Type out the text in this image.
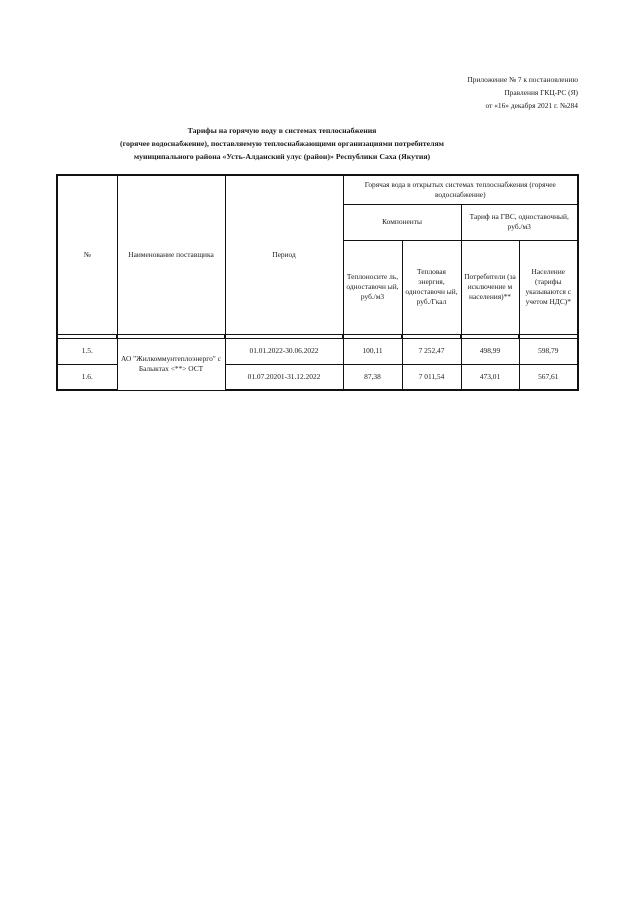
Приложение № 7 к постановлению
Правления ГКЦ-РС (Я)
от «16» декабря 2021 г. №284
Тарифы на горячую воду в системах теплоснабжения
(горячее водоснабжение), поставляемую теплоснабжающими организациями потребителям
муниципального района «Усть-Алданский улус (район)» Республики Саха (Якутия)
№	Наименование поставщика	Период	Горячая вода в открытых системах теплоснабжения (горячее водоснабжение)			
			Компоненты		Тариф на ГВС, одноставочный, руб./м3	
			Теплоносите ль, одноставочн ый, руб./м3	Тепловая энергия, одноставочн ый, руб./Гкал	Потребители (за исключение м населения)**	Население (тарифы указываются с учетом НДС)*

1.5.	АО "Жилкоммунтеплоэнерго" с Балыктах <**> ОСТ	01.01.2022-30.06.2022	100,11	7 252,47	498,99	598,79
1.6.		01.07.20201-31.12.2022	87,38	7 011,54	473,01	567,61
